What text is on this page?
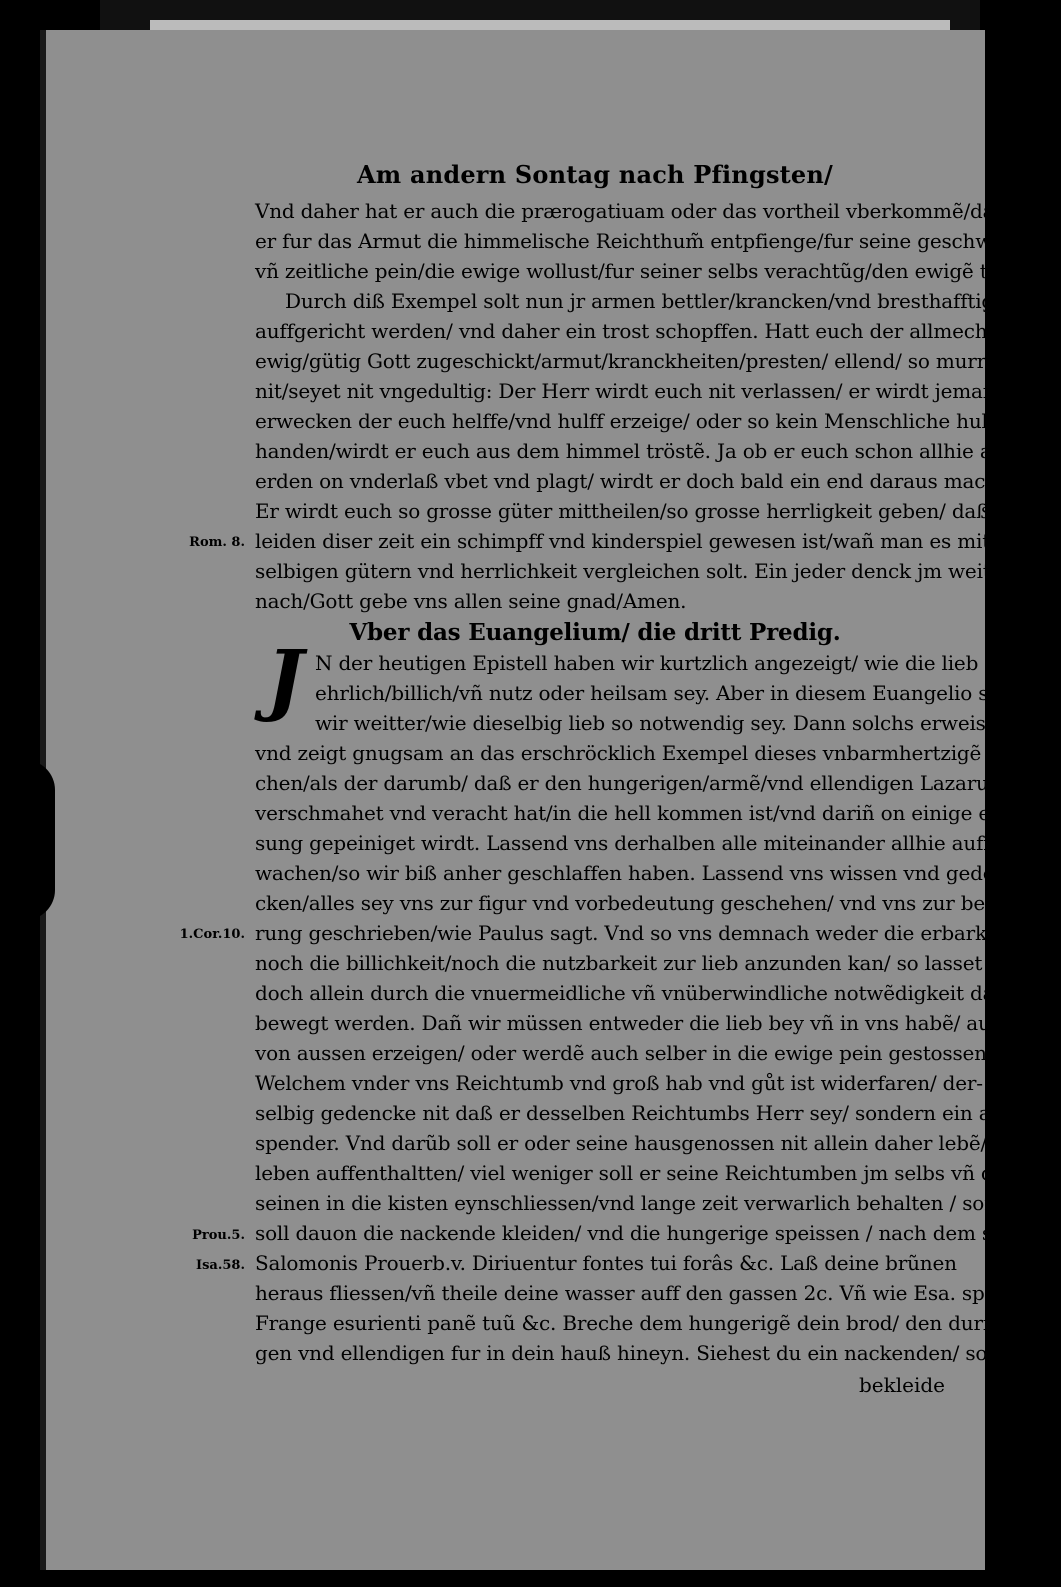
Am andern Sontag nach Pfingsten/
Vnd daher hat er auch die prærogatiuam oder das vortheil vberkommẽ/daß
er fur das Armut die himmelische Reichthum̃ entpfienge/fur seine geschwär
vñ zeitliche pein/die ewige wollust/fur seiner selbs verachtũg/den ewigẽ trost.
Durch diß Exempel solt nun jr armen bettler/krancken/vnd bresthafftigẽ
auffgericht werden/ vnd daher ein trost schopffen. Hatt euch der allmechtig/
ewig/gütig Gott zugeschickt/armut/kranckheiten/presten/ ellend/ so murret
nit/seyet nit vngedultig: Der Herr wirdt euch nit verlassen/ er wirdt jemand
erwecken der euch helffe/vnd hulff erzeige/ oder so kein Menschliche hulff fur-
handen/wirdt er euch aus dem himmel tröstẽ. Ja ob er euch schon allhie auff
erden on vnderlaß vbet vnd plagt/ wirdt er doch bald ein end daraus machẽ.
Er wirdt euch so grosse güter mittheilen/so grosse herrligkeit geben/ daß all
leiden diser zeit ein schimpff vnd kinderspiel gewesen ist/wañ man es mit den-
selbigen gütern vnd herrlichkeit vergleichen solt. Ein jeder denck jm weitter
nach/Gott gebe vns allen seine gnad/Amen.
Vber das Euangelium/ die dritt Predig.
J N der heutigen Epistell haben wir kurtzlich angezeigt/ wie die lieb so
ehrlich/billich/vñ nutz oder heilsam sey. Aber in diesem Euangelio sehẽ
wir weitter/wie dieselbig lieb so notwendig sey. Dann solchs erweist
vnd zeigt gnugsam an das erschröcklich Exempel dieses vnbarmhertzigẽ Rei-
chen/als der darumb/ daß er den hungerigen/armẽ/vnd ellendigen Lazarum
verschmahet vnd veracht hat/in die hell kommen ist/vnd dariñ on einige erlö-
sung gepeiniget wirdt. Lassend vns derhalben alle miteinander allhie auff-
wachen/so wir biß anher geschlaffen haben. Lassend vns wissen vnd geden-
cken/alles sey vns zur figur vnd vorbedeutung geschehen/ vnd vns zur besse-
rung geschrieben/wie Paulus sagt. Vnd so vns demnach weder die erbarkeit/
noch die billichkeit/noch die nutzbarkeit zur lieb anzunden kan/ so lasset vns
doch allein durch die vnuermeidliche vñ vnüberwindliche notwẽdigkeit darzu
bewegt werden. Dañ wir müssen entweder die lieb bey vñ in vns habẽ/ auch
von aussen erzeigen/ oder werdẽ auch selber in die ewige pein gestossen werdẽ.
Welchem vnder vns Reichtumb vnd groß hab vnd gůt ist widerfaren/ der-
selbig gedencke nit daß er desselben Reichtumbs Herr sey/ sondern ein aus-
spender. Vnd darũb soll er oder seine hausgenossen nit allein daher lebẽ/vñ jr
leben auffenthaltten/ viel weniger soll er seine Reichtumben jm selbs vñ den
seinen in die kisten eynschliessen/vnd lange zeit verwarlich behalten / sondern
soll dauon die nackende kleiden/ vnd die hungerige speissen / nach dem spruch
Salomonis Prouerb.v. Diriuentur fontes tui forâs &c. Laß deine brũnen
heraus fliessen/vñ theile deine wasser auff den gassen 2c. Vñ wie Esa. spricht:
Frange esurienti panẽ tuũ &c. Breche dem hungerigẽ dein brod/ den durffti-
gen vnd ellendigen fur in dein hauß hineyn. Siehest du ein nackenden/ so
bekleide
Rom. 8.
1.Cor.10.
Prou.5.
Isa.58.
